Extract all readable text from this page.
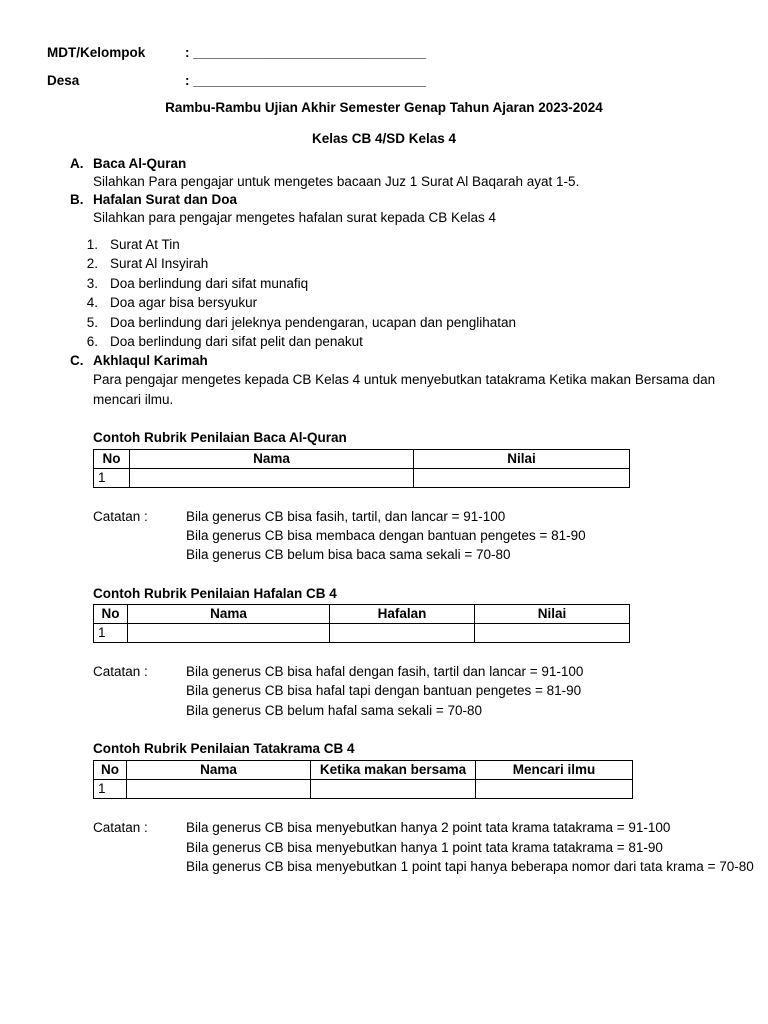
MDT/Kelompok	: _______________________________
Desa	: _______________________________
Rambu-Rambu Ujian Akhir Semester Genap Tahun Ajaran 2023-2024
Kelas CB 4/SD Kelas 4
A. Baca Al-Quran
Silahkan Para pengajar untuk mengetes bacaan Juz 1 Surat Al Baqarah ayat 1-5.
B. Hafalan Surat dan Doa
Silahkan para pengajar mengetes hafalan surat kepada CB Kelas 4
1. Surat At Tin
2. Surat Al Insyirah
3. Doa berlindung dari sifat munafiq
4. Doa agar bisa bersyukur
5. Doa berlindung dari jeleknya pendengaran, ucapan dan penglihatan
6. Doa berlindung dari sifat pelit dan penakut
C. Akhlaqul Karimah
Para pengajar mengetes kepada CB Kelas 4 untuk menyebutkan tatakrama Ketika makan Bersama dan
mencari ilmu.
Contoh Rubrik Penilaian Baca Al-Quran
No	Nama	Nilai
1		
Catatan :	Bila generus CB bisa fasih, tartil, dan lancar = 91-100
Bila generus CB bisa membaca dengan bantuan pengetes = 81-90
Bila generus CB belum bisa baca sama sekali = 70-80
Contoh Rubrik Penilaian Hafalan CB 4
No	Nama	Hafalan	Nilai
1			
Catatan :	Bila generus CB bisa hafal dengan fasih, tartil dan lancar = 91-100
Bila generus CB bisa hafal tapi dengan bantuan pengetes = 81-90
Bila generus CB belum hafal sama sekali = 70-80
Contoh Rubrik Penilaian Tatakrama CB 4
No	Nama	Ketika makan bersama	Mencari ilmu
1			
Catatan :	Bila generus CB bisa menyebutkan hanya 2 point tata krama tatakrama = 91-100
Bila generus CB bisa menyebutkan hanya 1 point tata krama tatakrama = 81-90
Bila generus CB bisa menyebutkan 1 point tapi hanya beberapa nomor dari tata krama = 70-80
